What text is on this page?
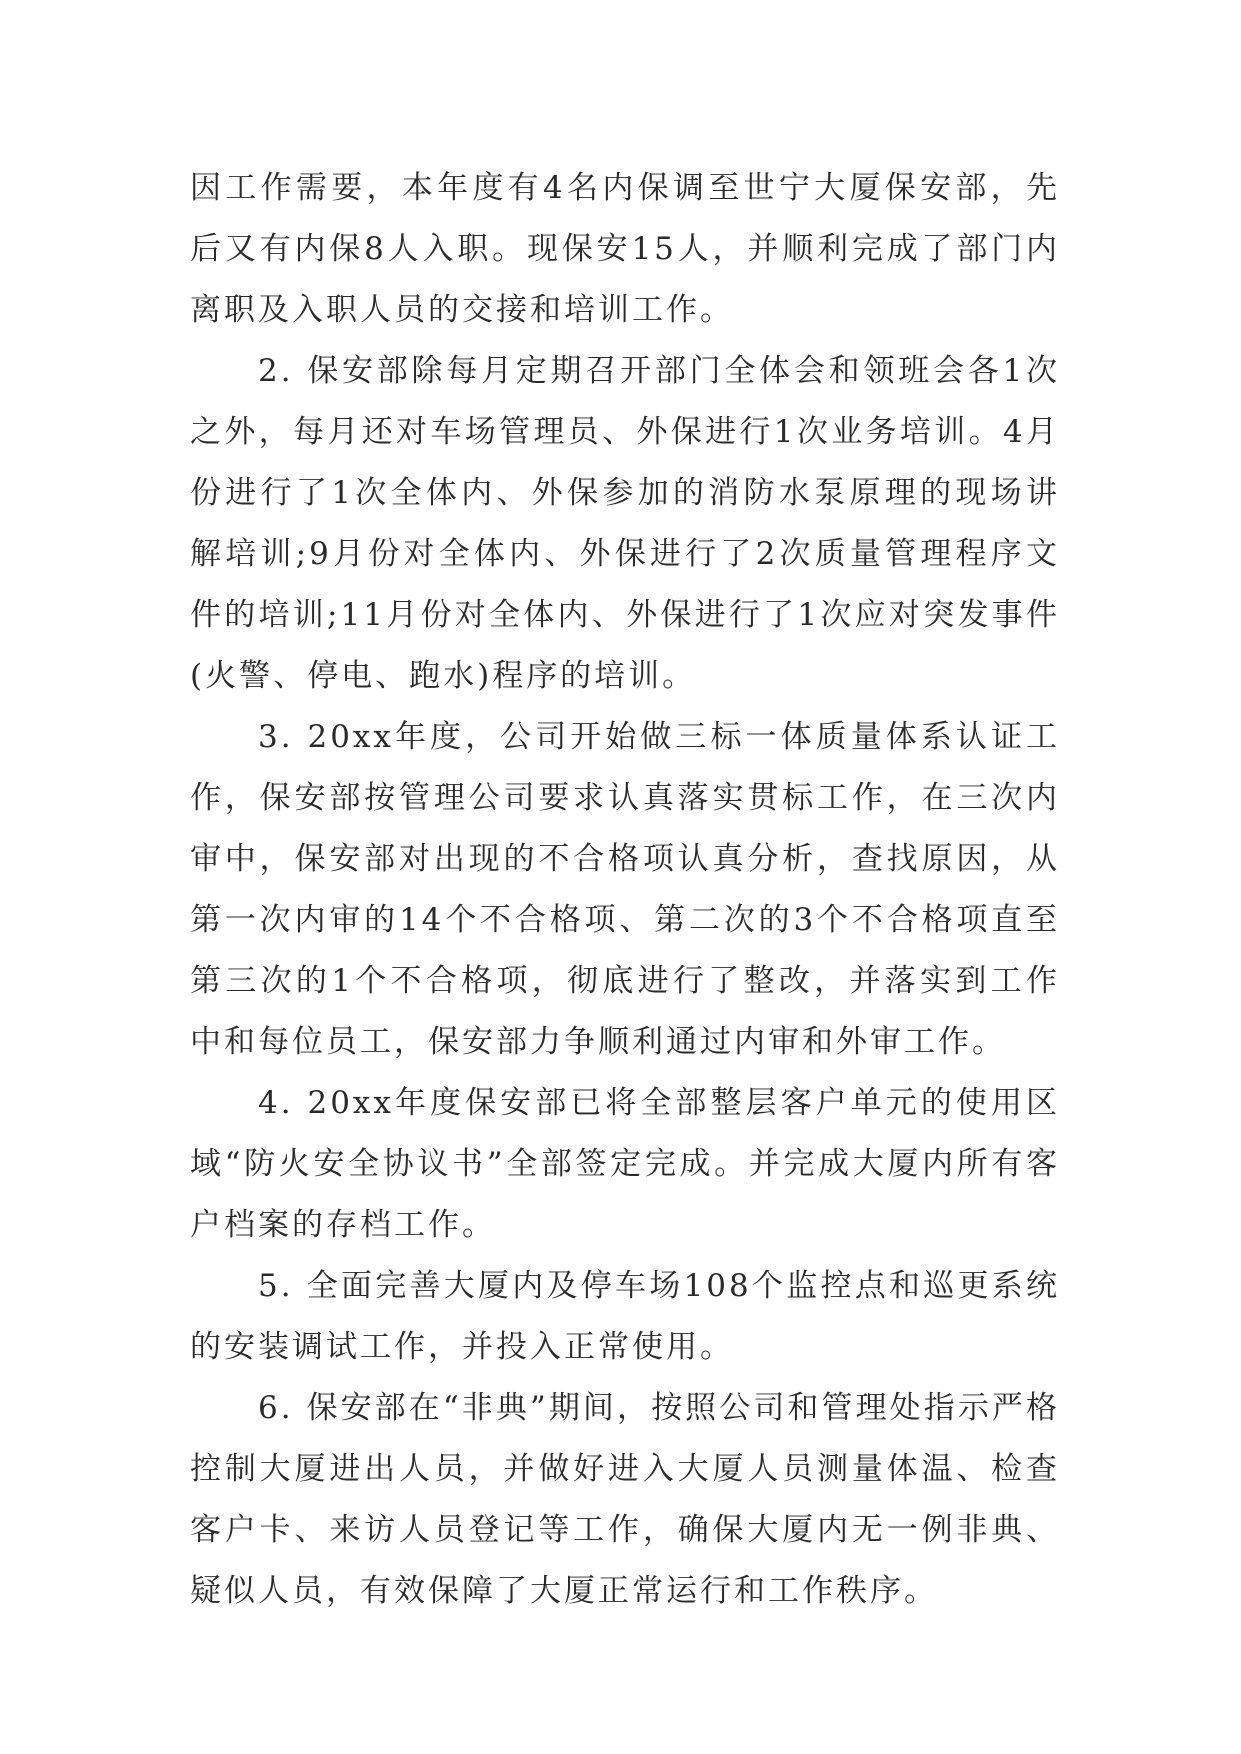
因工作需要，本年度有4名内保调至世宁大厦保安部，先后又有内保8人入职。现保安15人，并顺利完成了部门内离职及入职人员的交接和培训工作。

2. 保安部除每月定期召开部门全体会和领班会各1次之外，每月还对车场管理员、外保进行1次业务培训。4月份进行了1次全体内、外保参加的消防水泵原理的现场讲解培训;9月份对全体内、外保进行了2次质量管理程序文件的培训;11月份对全体内、外保进行了1次应对突发事件(火警、停电、跑水)程序的培训。

3. 20xx年度，公司开始做三标一体质量体系认证工作，保安部按管理公司要求认真落实贯标工作，在三次内审中，保安部对出现的不合格项认真分析，查找原因，从第一次内审的14个不合格项、第二次的3个不合格项直至第三次的1个不合格项，彻底进行了整改，并落实到工作中和每位员工，保安部力争顺利通过内审和外审工作。

4. 20xx年度保安部已将全部整层客户单元的使用区域“防火安全协议书”全部签定完成。并完成大厦内所有客户档案的存档工作。

5. 全面完善大厦内及停车场108个监控点和巡更系统的安装调试工作，并投入正常使用。

6. 保安部在“非典”期间，按照公司和管理处指示严格控制大厦进出人员，并做好进入大厦人员测量体温、检查客户卡、来访人员登记等工作，确保大厦内无一例非典、疑似人员，有效保障了大厦正常运行和工作秩序。
